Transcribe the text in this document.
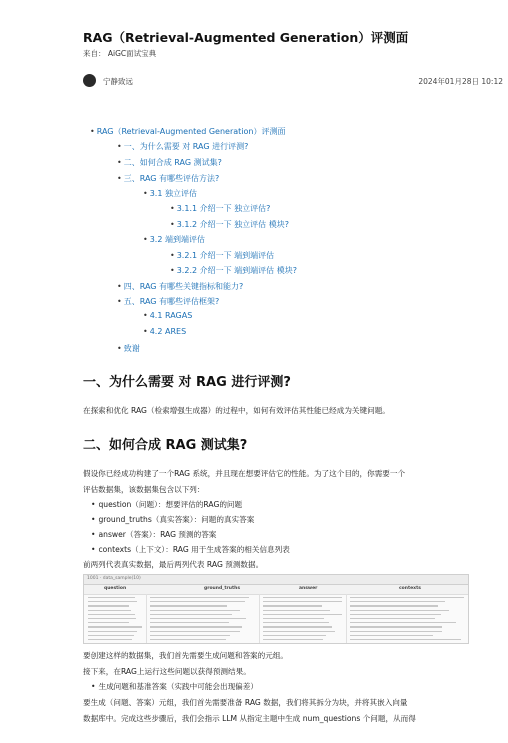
RAG（Retrieval-Augmented Generation）评测面
来自： AiGC面试宝典
宁静致远	2024年01月28日 10:12
• RAG（Retrieval-Augmented Generation）评测面
• 一、为什么需要 对 RAG 进行评测?
• 二、如何合成 RAG 测试集?
• 三、RAG 有哪些评估方法?
• 3.1 独立评估
• 3.1.1 介绍一下 独立评估?
• 3.1.2 介绍一下 独立评估 模块?
• 3.2 端到端评估
• 3.2.1 介绍一下 端到端评估
• 3.2.2 介绍一下 端到端评估 模块?
• 四、RAG 有哪些关键指标和能力?
• 五、RAG 有哪些评估框架?
• 4.1 RAGAS
• 4.2 ARES
• 致谢
一、为什么需要 对 RAG 进行评测?
在探索和优化 RAG（检索增强生成器）的过程中，如何有效评估其性能已经成为关键问题。
二、如何合成 RAG 测试集?
假设你已经成功构建了一个RAG 系统，并且现在想要评估它的性能。为了这个目的，你需要一个
评估数据集，该数据集包含以下列：
• question（问题）：想要评估的RAG的问题
• ground_truths（真实答案）：问题的真实答案
• answer（答案）：RAG 预测的答案
• contexts（上下文）：RAG 用于生成答案的相关信息列表
前两列代表真实数据，最后两列代表 RAG 预测数据。
1001 · data_sample(10)
question	ground_truths	answer	contexts
要创建这样的数据集，我们首先需要生成问题和答案的元组。
接下来，在RAG上运行这些问题以获得预测结果。
• 生成问题和基准答案（实践中可能会出现偏差）
要生成（问题、答案）元组，我们首先需要准备 RAG 数据，我们将其拆分为块，并将其嵌入向量
数据库中。完成这些步骤后，我们会指示 LLM 从指定主题中生成 num_questions 个问题，从而得
